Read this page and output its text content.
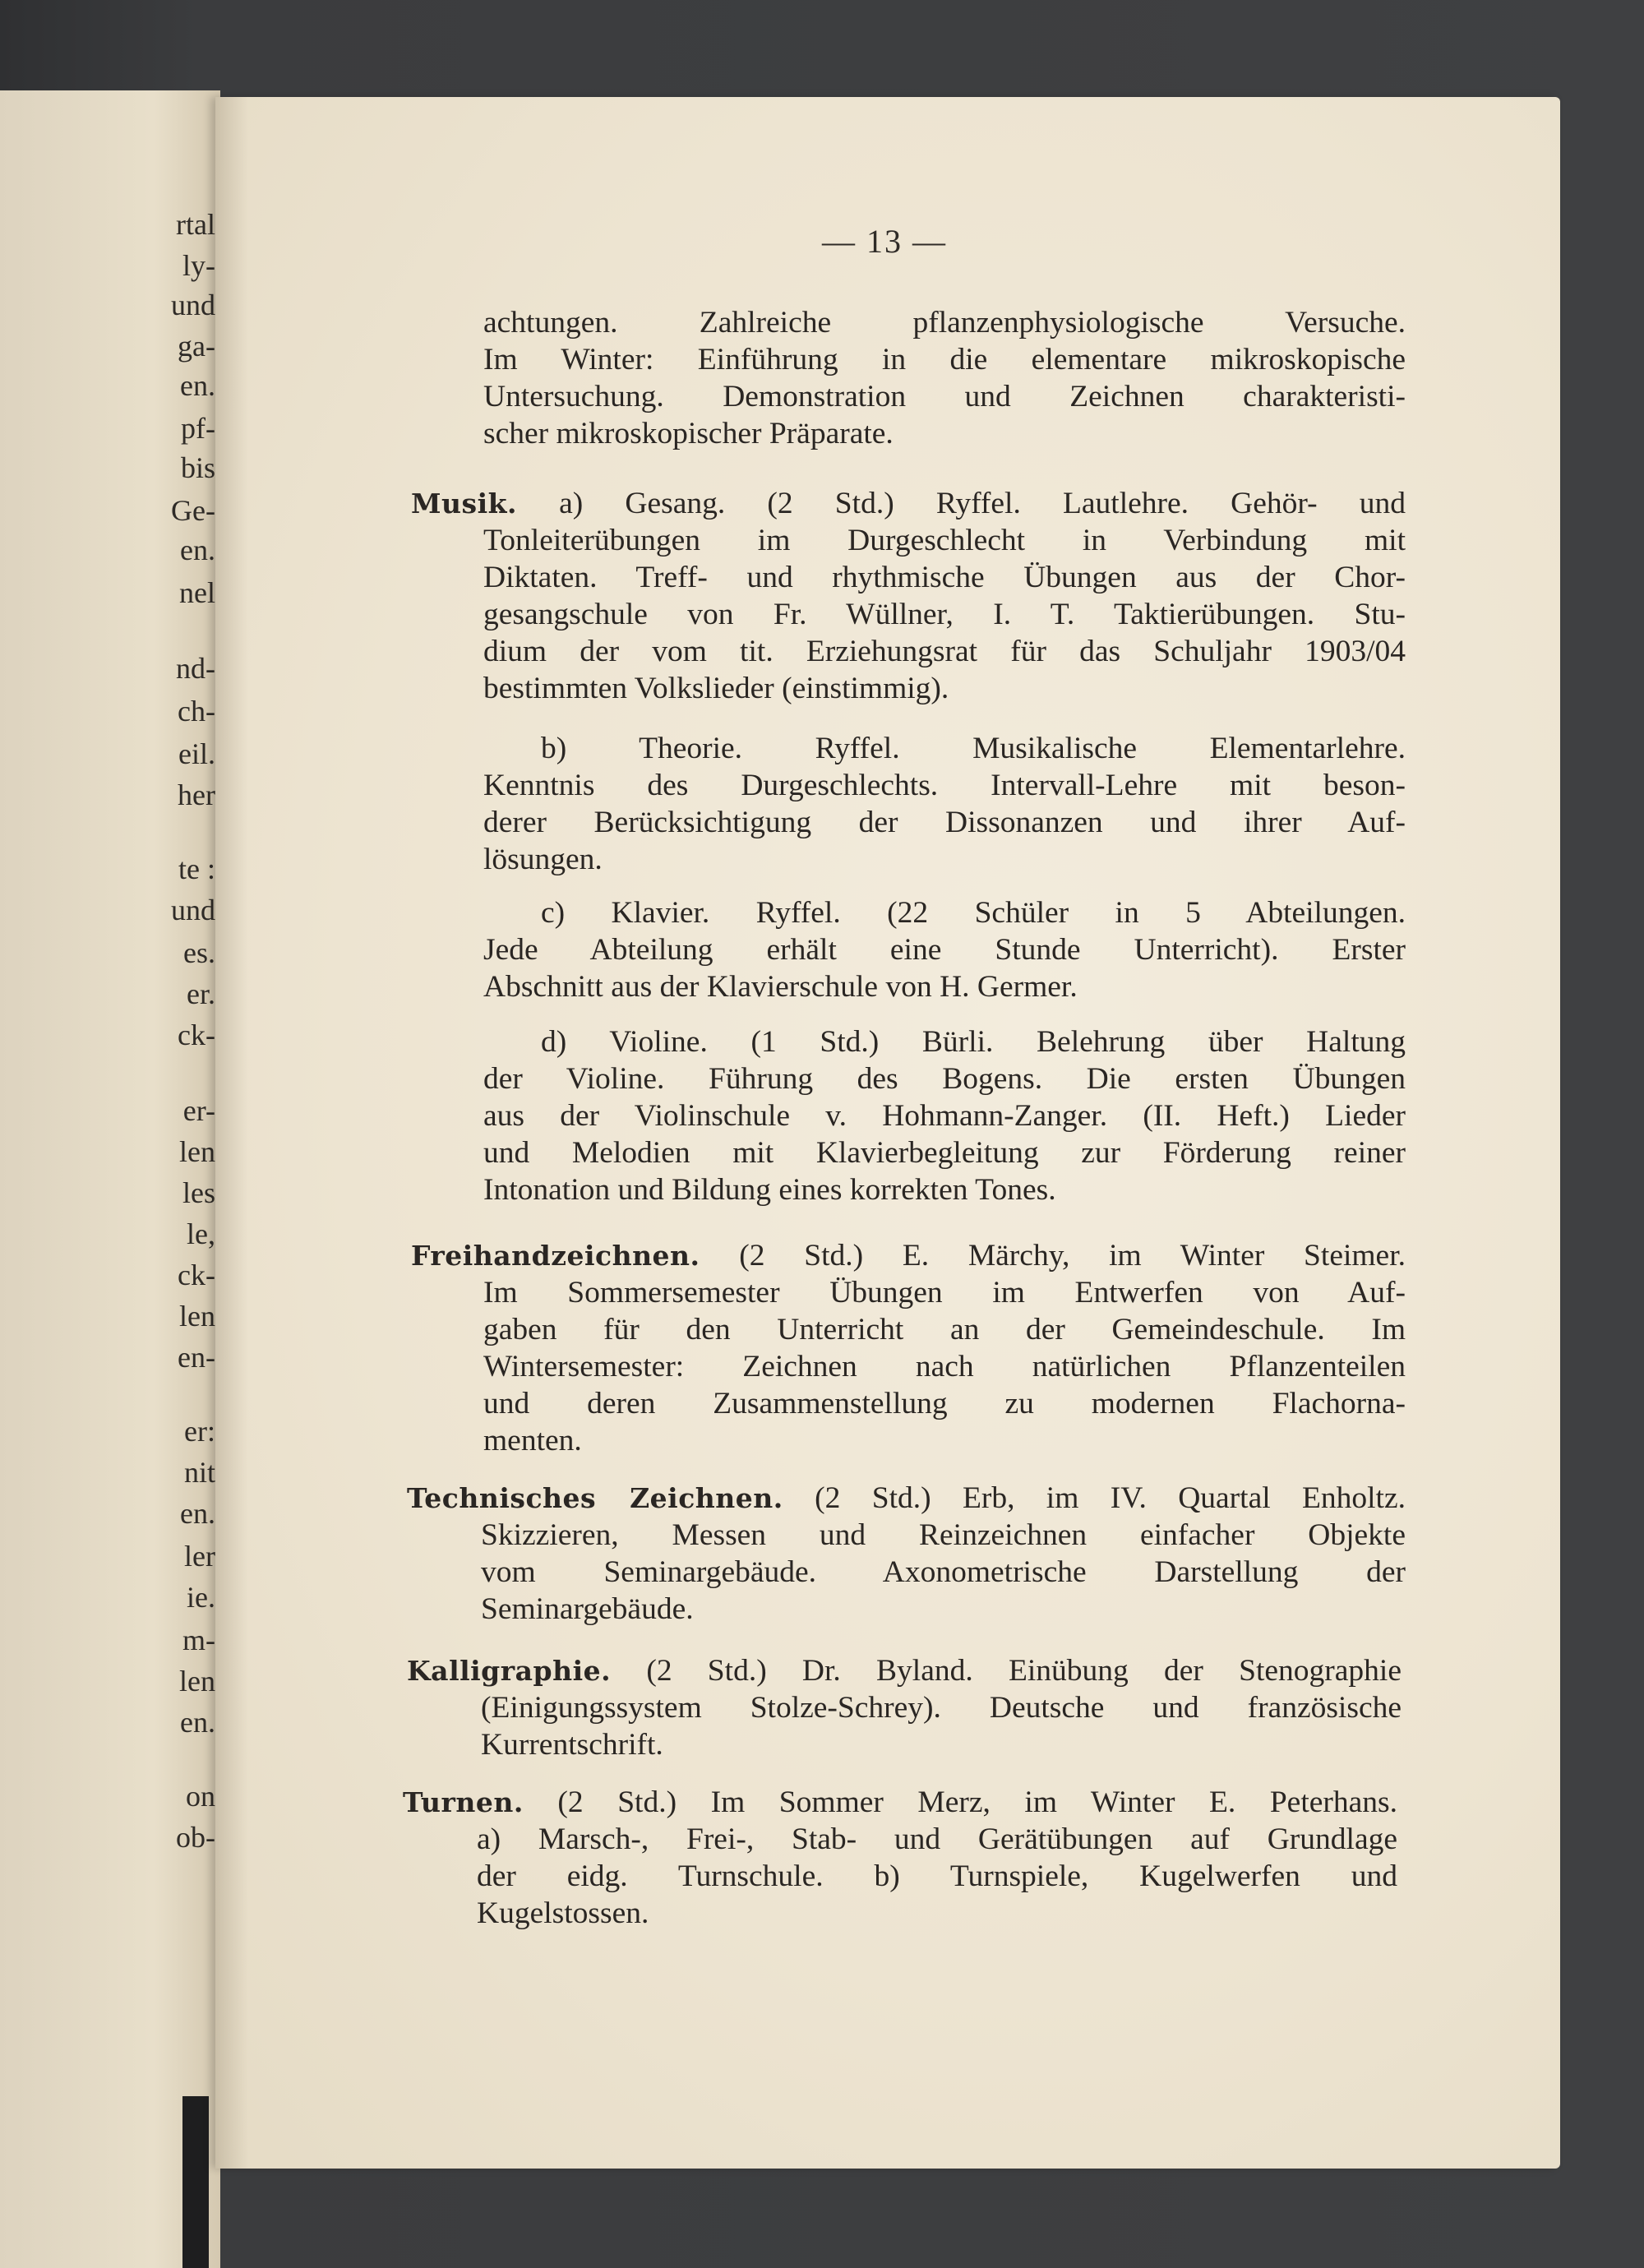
rtal
ly-
und
ga-
en.
pf-
bis
Ge-
en.
nel
nd-
ch-
eil.
her
te :
und
es.
er.
ck-
er-
len
les
le,
ck-
len
en-
er:
nit
en.
ler
ie.
m-
len
en.
on
ob-
— 13 —
achtungen. Zahlreiche pflanzenphysiologische Versuche.
Im Winter: Einführung in die elementare mikroskopische
Untersuchung. Demonstration und Zeichnen charakteristi-
scher mikroskopischer Präparate.
Musik. a) Gesang. (2 Std.) Ryffel. Lautlehre. Gehör- und
Tonleiterübungen im Durgeschlecht in Verbindung mit
Diktaten. Treff- und rhythmische Übungen aus der Chor-
gesangschule von Fr. Wüllner, I. T. Taktierübungen. Stu-
dium der vom tit. Erziehungsrat für das Schuljahr 1903/04
bestimmten Volkslieder (einstimmig).
b) Theorie. Ryffel. Musikalische Elementarlehre.
Kenntnis des Durgeschlechts. Intervall-Lehre mit beson-
derer Berücksichtigung der Dissonanzen und ihrer Auf-
lösungen.
c) Klavier. Ryffel. (22 Schüler in 5 Abteilungen.
Jede Abteilung erhält eine Stunde Unterricht). Erster
Abschnitt aus der Klavierschule von H. Germer.
d) Violine. (1 Std.) Bürli. Belehrung über Haltung
der Violine. Führung des Bogens. Die ersten Übungen
aus der Violinschule v. Hohmann-Zanger. (II. Heft.) Lieder
und Melodien mit Klavierbegleitung zur Förderung reiner
Intonation und Bildung eines korrekten Tones.
Freihandzeichnen. (2 Std.) E. Märchy, im Winter Steimer.
Im Sommersemester Übungen im Entwerfen von Auf-
gaben für den Unterricht an der Gemeindeschule. Im
Wintersemester: Zeichnen nach natürlichen Pflanzenteilen
und deren Zusammenstellung zu modernen Flachorna-
menten.
Technisches Zeichnen. (2 Std.) Erb, im IV. Quartal Enholtz.
Skizzieren, Messen und Reinzeichnen einfacher Objekte
vom Seminargebäude. Axonometrische Darstellung der
Seminargebäude.
Kalligraphie. (2 Std.) Dr. Byland. Einübung der Stenographie
(Einigungssystem Stolze-Schrey). Deutsche und französische
Kurrentschrift.
Turnen. (2 Std.) Im Sommer Merz, im Winter E. Peterhans.
a) Marsch-, Frei-, Stab- und Gerätübungen auf Grundlage
der eidg. Turnschule. b) Turnspiele, Kugelwerfen und
Kugelstossen.
